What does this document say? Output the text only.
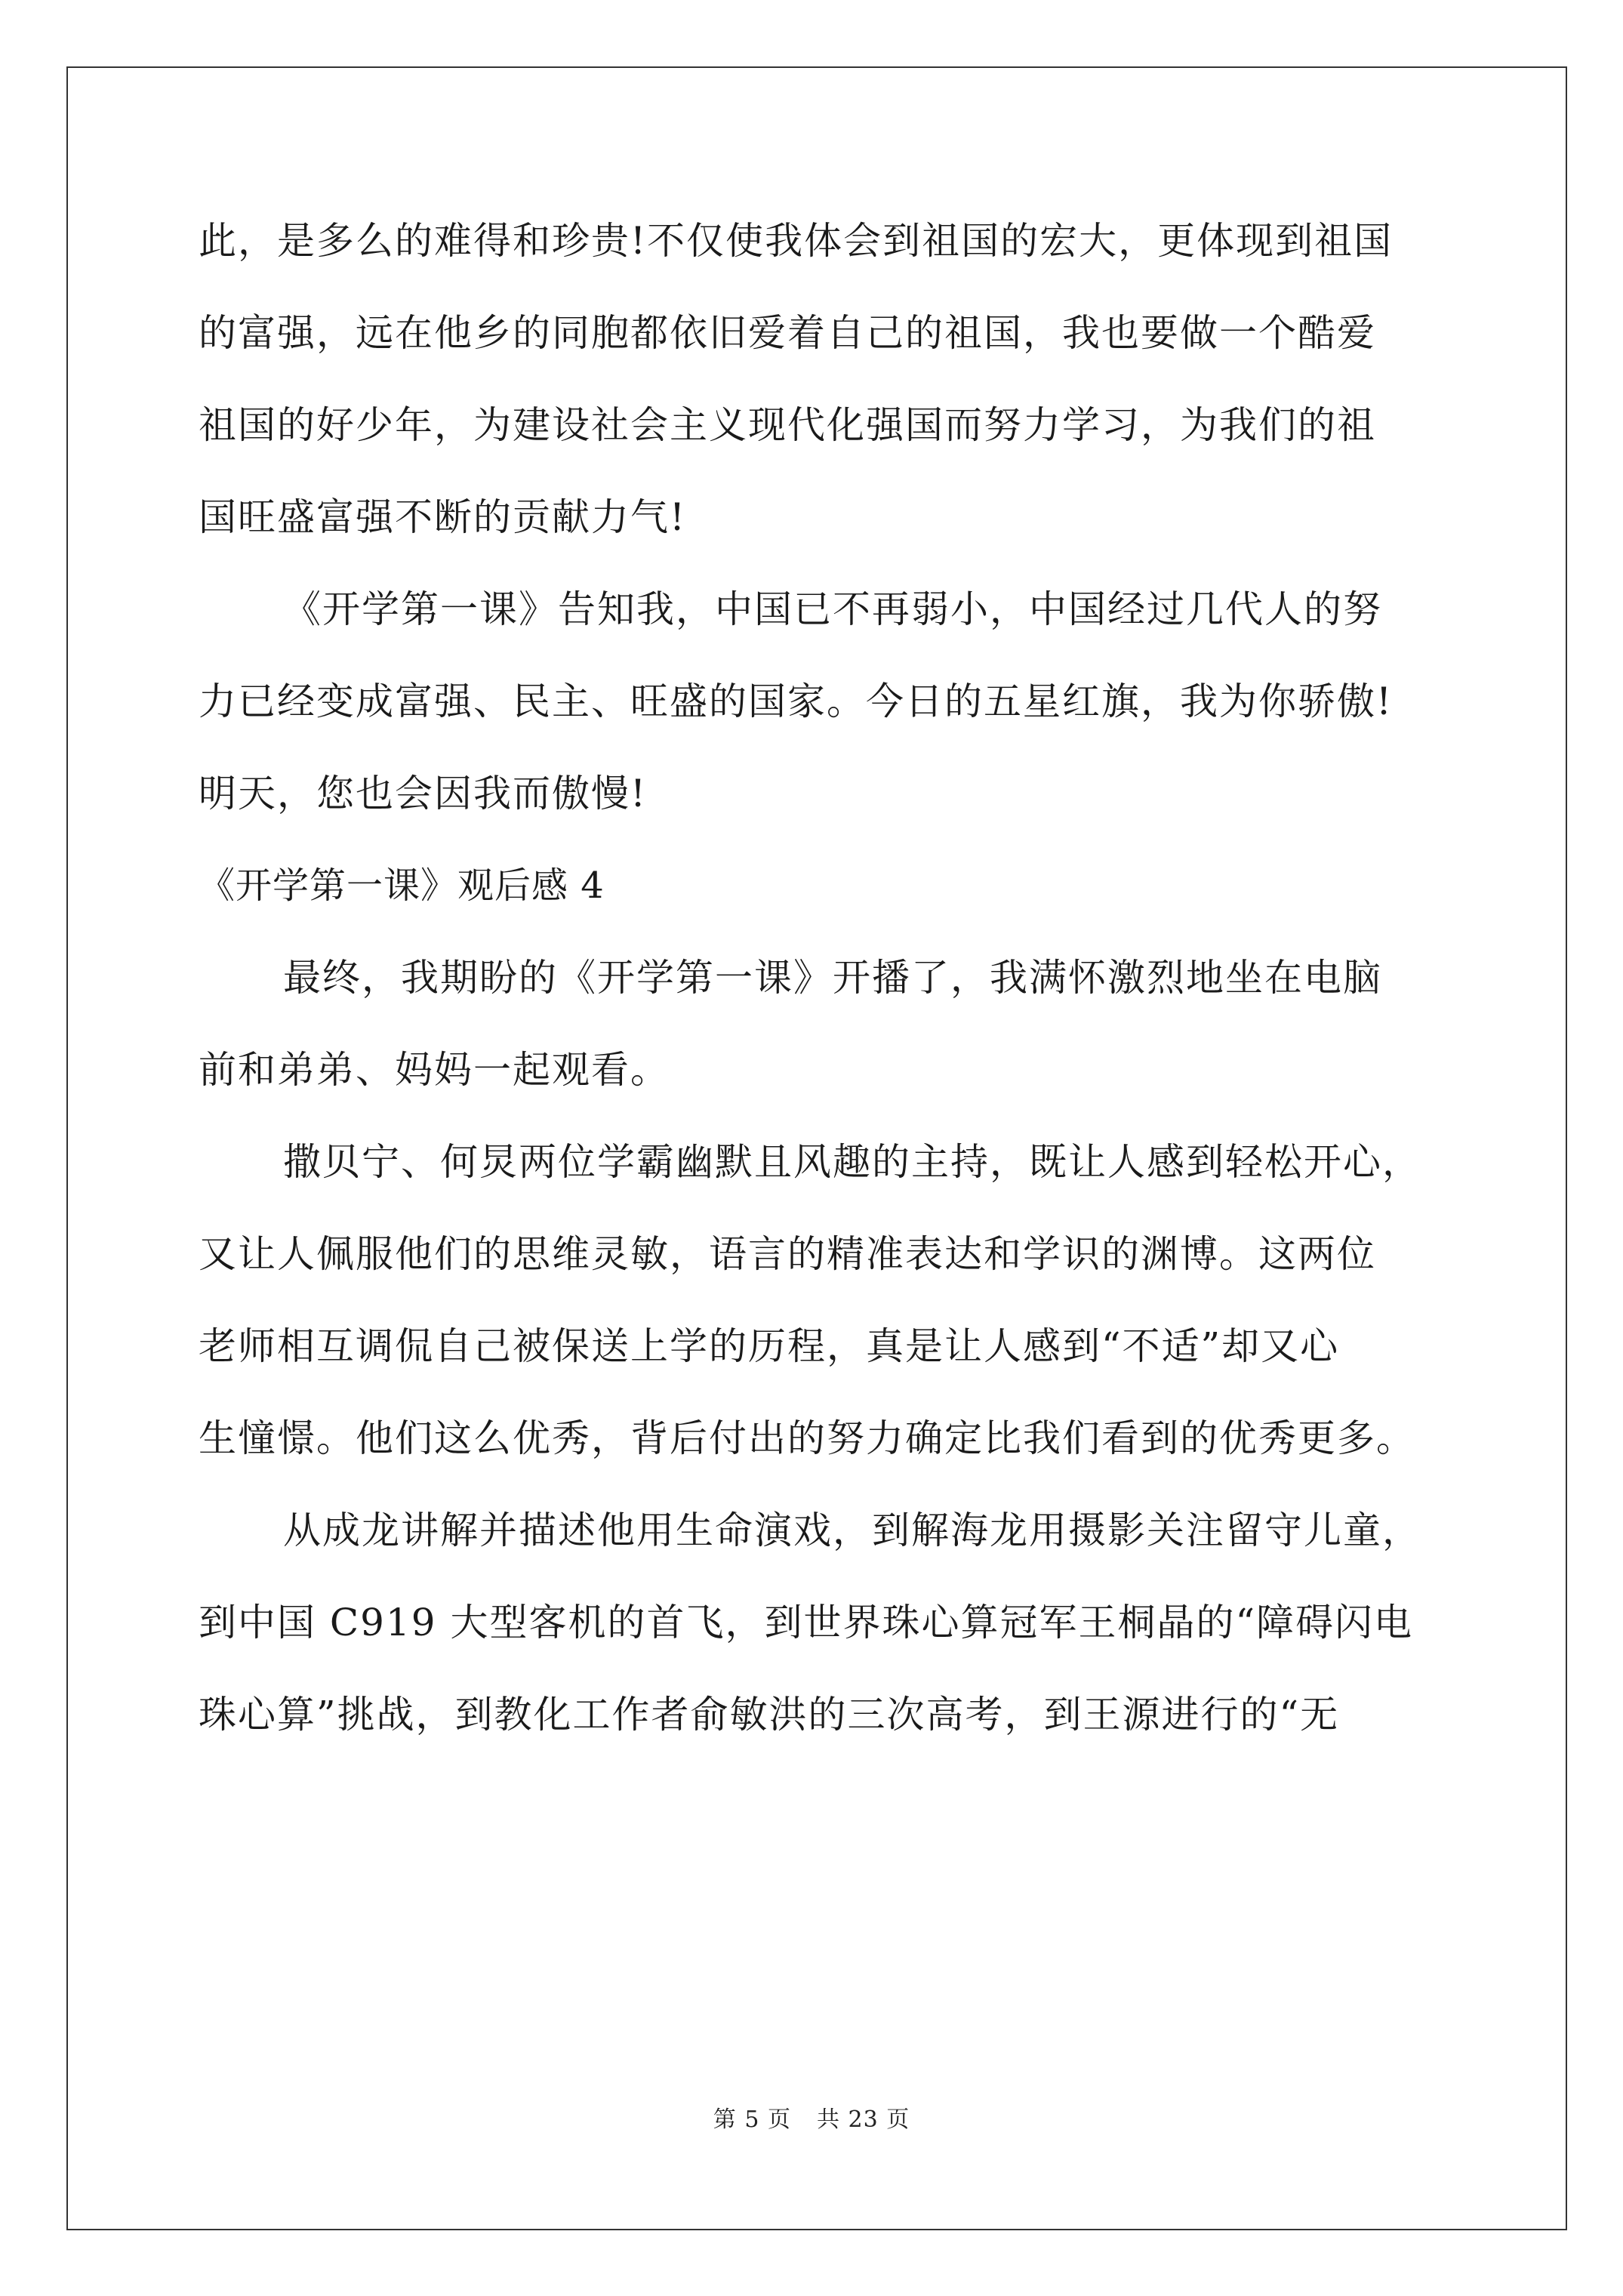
此，是多么的难得和珍贵!不仅使我体会到祖国的宏大，更体现到祖国
的富强，远在他乡的同胞都依旧爱着自己的祖国，我也要做一个酷爱
祖国的好少年，为建设社会主义现代化强国而努力学习，为我们的祖
国旺盛富强不断的贡献力气!
《开学第一课》告知我，中国已不再弱小，中国经过几代人的努
力已经变成富强、民主、旺盛的国家。今日的五星红旗，我为你骄傲!
明天，您也会因我而傲慢!
《开学第一课》观后感 4
最终，我期盼的《开学第一课》开播了，我满怀激烈地坐在电脑
前和弟弟、妈妈一起观看。
撒贝宁、何炅两位学霸幽默且风趣的主持，既让人感到轻松开心，
又让人佩服他们的思维灵敏，语言的精准表达和学识的渊博。这两位
老师相互调侃自己被保送上学的历程，真是让人感到“不适”却又心
生憧憬。他们这么优秀，背后付出的努力确定比我们看到的优秀更多。
从成龙讲解并描述他用生命演戏，到解海龙用摄影关注留守儿童，
到中国 C919 大型客机的首飞，到世界珠心算冠军王桐晶的“障碍闪电
珠心算”挑战，到教化工作者俞敏洪的三次高考，到王源进行的“无
第 5 页 共 23 页
